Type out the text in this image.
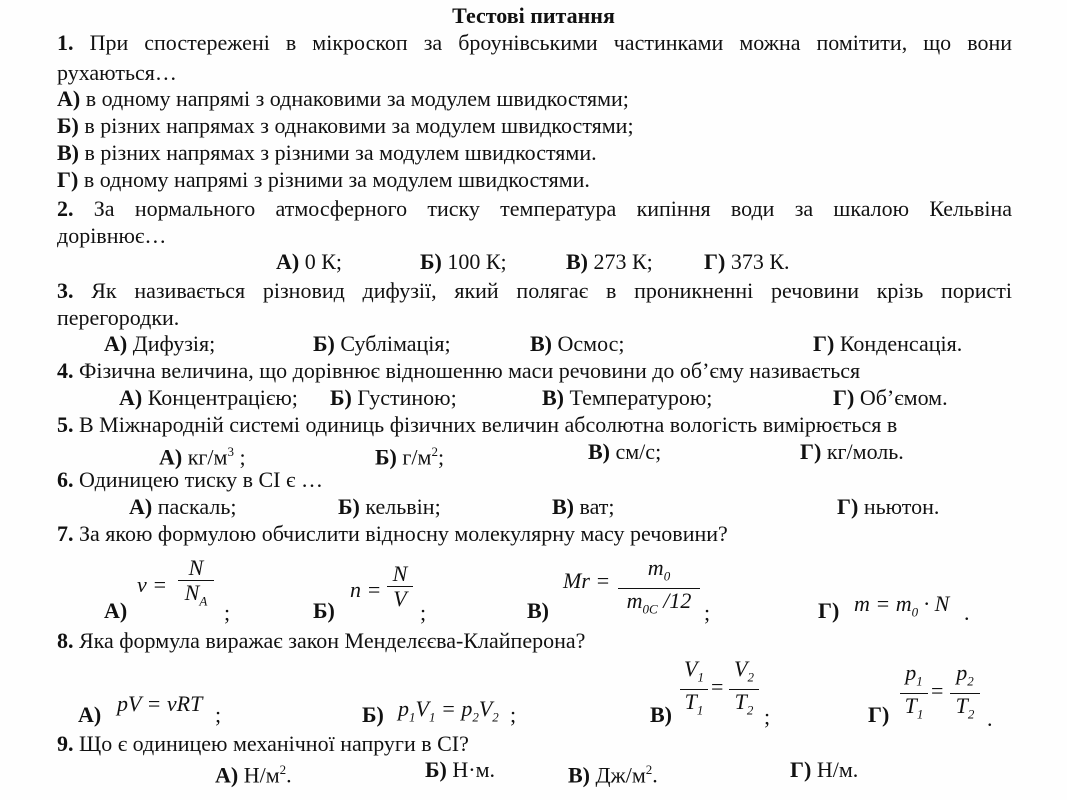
Тестові питання
1. При спостережені в мікроскоп за броунівськими частинками можна помітити, що вони
рухаються…
А) в одному напрямі з однаковими за модулем швидкостями;
Б) в різних напрямах з однаковими за модулем швидкостями;
В) в різних напрямах з різними за модулем швидкостями.
Г) в одному напрямі з різними за модулем швидкостями.
2. За нормального атмосферного тиску температура кипіння води за шкалою Кельвіна
дорівнює…
А) 0 К;	Б) 100 К;	В) 273 К; Г) 373 К.
3. Як називається різновид дифузії, який полягає в проникненні речовини крізь пористі
перегородки.
А) Дифузія;	Б) Сублімація;	В) Осмос;	Г) Конденсація.
4. Фізична величина, що дорівнює відношенню маси речовини до об’єму називається
А) Концентрацією; Б) Густиною;	В) Температурою;	Г) Об’ємом.
5. В Міжнародній системі одиниць фізичних величин абсолютна вологість вимірюється в
А) $кг/м^3$ ;	Б) $г/м^2$;	В) см/с;	Г) кг/моль.
6. Одиницею тиску в СІ є …
А) паскаль;	Б) кельвін;	В) ват;	Г) ньютон.
7. За якою формулою обчислити відносну молекулярну масу речовини?
А)
ν =
N
$N_A$ ;	Б)
n =
N
V
;	В)
Mr =
$m_0$
$m_{0C}$ /12 ;	Г) $m = m_0 \cdot N$ .
8. Яка формула виражає закон Менделєєва-Клайперона?
А) pV = νRT ;	Б) $p_1V_1 = p_2V_2$ ;	В)
$V_1$
$T_1$
=
$V_2$
$T_2$ ;	Г)
$p_1$
$T_1$
=
$p_2$
$T_2$ .
9. Що є одиницею механічної напруги в СІ?
А) $Н/м^2$.	Б) Н·м.	В) $Дж/м^2$.	Г) Н/м.
